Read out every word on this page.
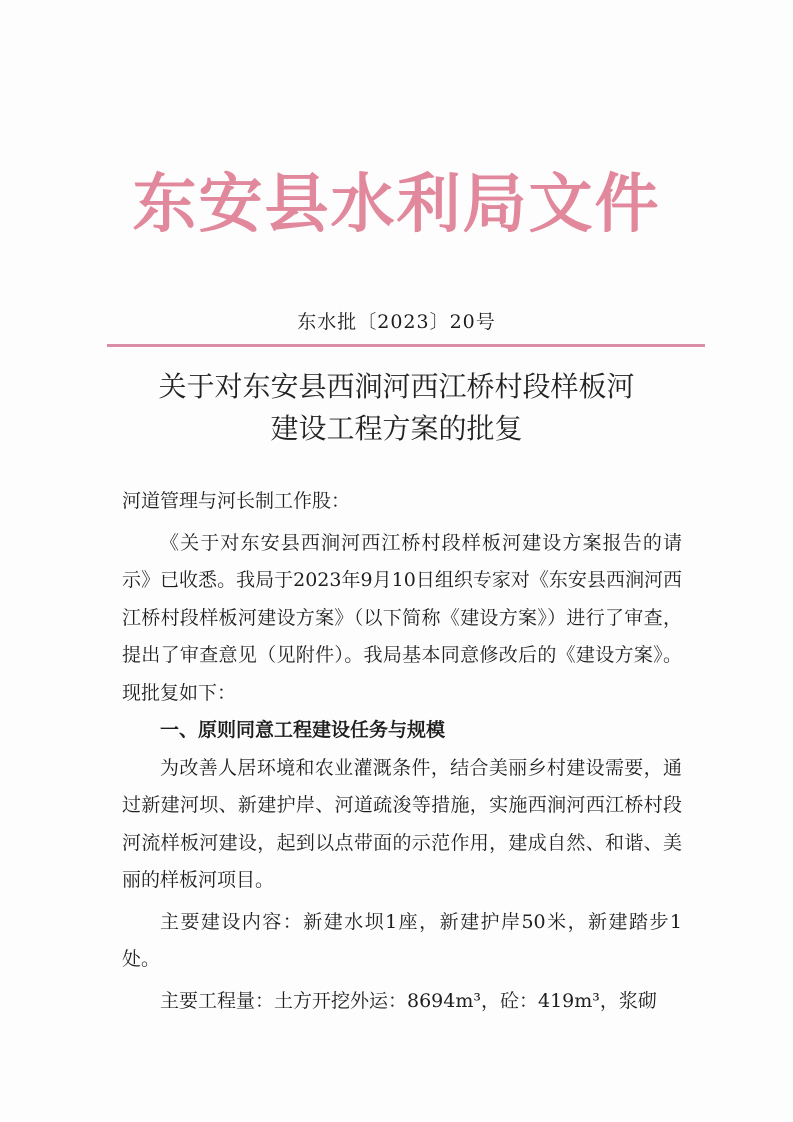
东安县水利局文件
东水批〔2023〕20号
关于对东安县西涧河西江桥村段样板河
建设工程方案的批复

河道管理与河长制工作股：

《关于对东安县西涧河西江桥村段样板河建设方案报告的请示》已收悉。我局于2023年9月10日组织专家对《东安县西涧河西江桥村段样板河建设方案》（以下简称《建设方案》）进行了审查，提出了审查意见（见附件）。我局基本同意修改后的《建设方案》。现批复如下：

一、原则同意工程建设任务与规模

为改善人居环境和农业灌溉条件，结合美丽乡村建设需要，通过新建河坝、新建护岸、河道疏浚等措施，实施西涧河西江桥村段河流样板河建设，起到以点带面的示范作用，建成自然、和谐、美丽的样板河项目。

主要建设内容：新建水坝1座，新建护岸50米，新建踏步1处。

主要工程量：土方开挖外运：8694m³，砼：419m³，浆砌
